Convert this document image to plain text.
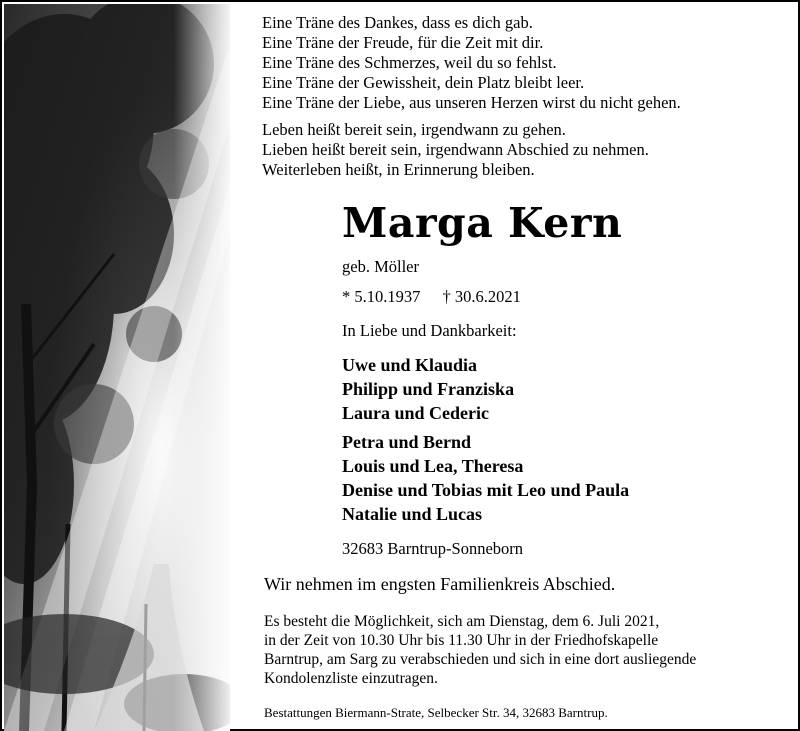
Eine Träne des Dankes, dass es dich gab.
Eine Träne der Freude, für die Zeit mit dir.
Eine Träne des Schmerzes, weil du so fehlst.
Eine Träne der Gewissheit, dein Platz bleibt leer.
Eine Träne der Liebe, aus unseren Herzen wirst du nicht gehen.
Leben heißt bereit sein, irgendwann zu gehen.
Lieben heißt bereit sein, irgendwann Abschied zu nehmen.
Weiterleben heißt, in Erinnerung bleiben.
Marga Kern
geb. Möller
* 5.10.1937 † 30.6.2021
In Liebe und Dankbarkeit:
Uwe und Klaudia
Philipp und Franziska
Laura und Cederic
Petra und Bernd
Louis und Lea, Theresa
Denise und Tobias mit Leo und Paula
Natalie und Lucas
32683 Barntrup-Sonneborn
Wir nehmen im engsten Familienkreis Abschied.
Es besteht die Möglichkeit, sich am Dienstag, dem 6. Juli 2021,
in der Zeit von 10.30 Uhr bis 11.30 Uhr in der Friedhofskapelle
Barntrup, am Sarg zu verabschieden und sich in eine dort ausliegende
Kondolenzliste einzutragen.
Bestattungen Biermann-Strate, Selbecker Str. 34, 32683 Barntrup.
